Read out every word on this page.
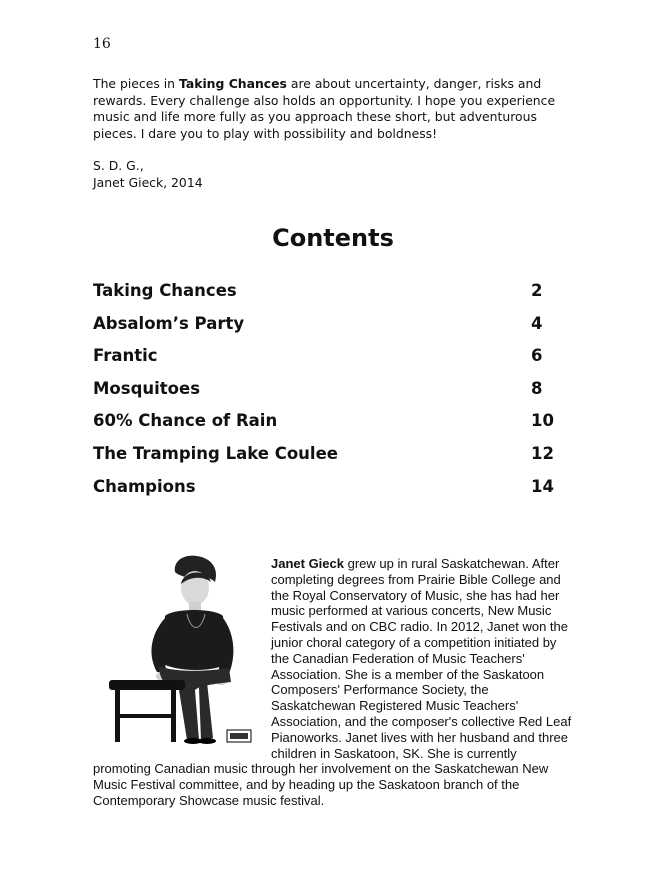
16

The pieces in Taking Chances are about uncertainty, danger, risks and rewards. Every challenge also holds an opportunity. I hope you experience music and life more fully as you approach these short, but adventurous pieces. I dare you to play with possibility and boldness!

S. D. G.,
Janet Gieck, 2014
Contents
Taking Chances	2
Absalom’s Party	4
Frantic	6
Mosquitoes	8
60% Chance of Rain	10
The Tramping Lake Coulee	12
Champions	14
Janet Gieck grew up in rural Saskatchewan. After completing degrees from Prairie Bible College and the Royal Conservatory of Music, she has had her music performed at various concerts, New Music Festivals and on CBC radio. In 2012, Janet won the junior choral category of a competition initiated by the Canadian Federation of Music Teachers' Association. She is a member of the Saskatoon Composers' Performance Society, the Saskatchewan Registered Music Teachers' Association, and the composer's collective Red Leaf Pianoworks. Janet lives with her husband and three children in Saskatoon, SK. She is currently promoting Canadian music through her involvement on the Saskatchewan New Music Festival committee, and by heading up the Saskatoon branch of the Contemporary Showcase music festival.
